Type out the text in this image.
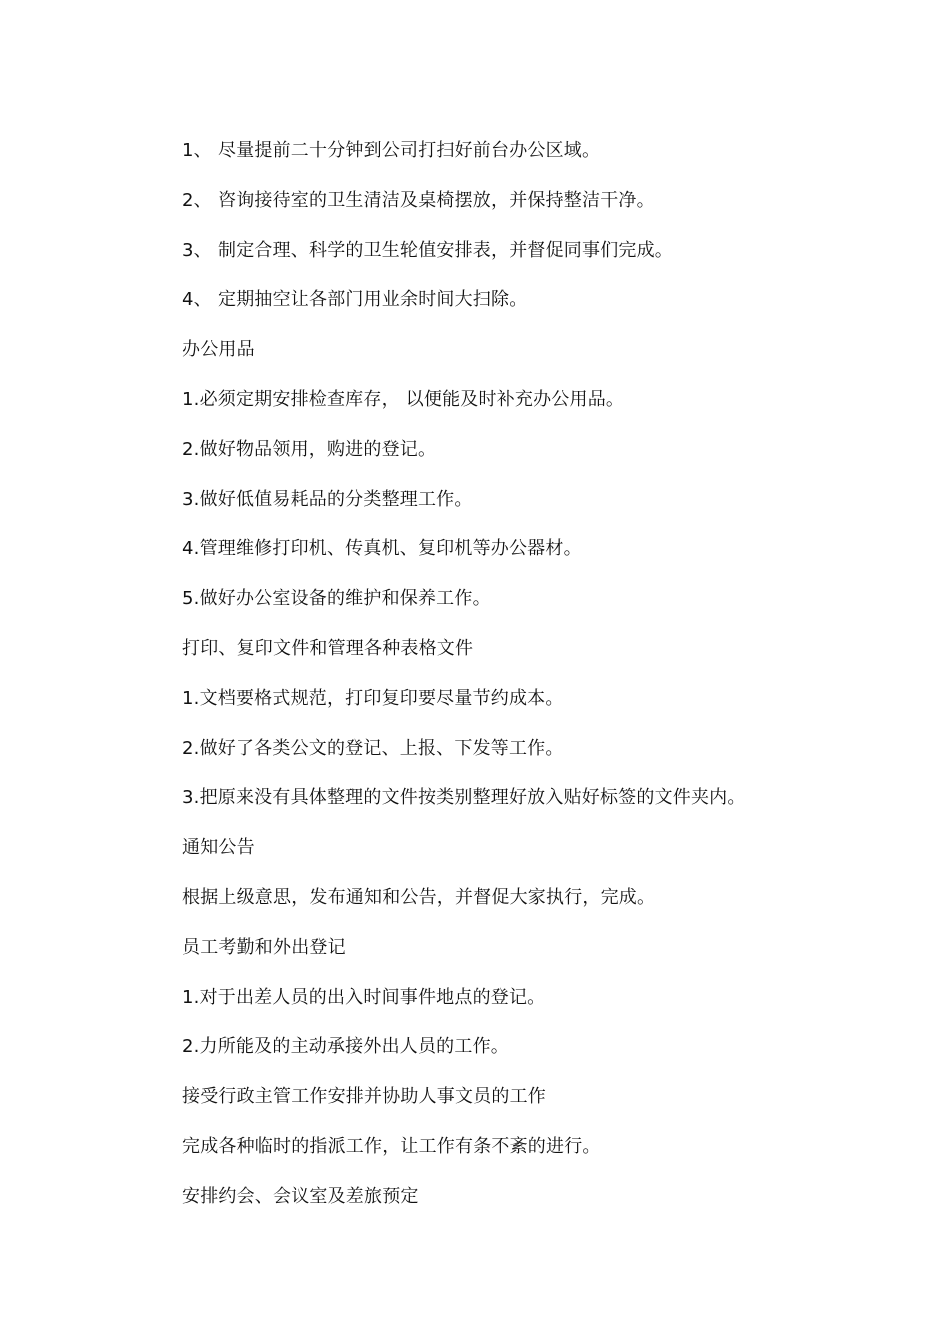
1、 尽量提前二十分钟到公司打扫好前台办公区域。
2、 咨询接待室的卫生清洁及桌椅摆放，并保持整洁干净。
3、 制定合理、科学的卫生轮值安排表，并督促同事们完成。
4、 定期抽空让各部门用业余时间大扫除。
办公用品
1.必须定期安排检查库存， 以便能及时补充办公用品。
2.做好物品领用，购进的登记。
3.做好低值易耗品的分类整理工作。
4.管理维修打印机、传真机、复印机等办公器材。
5.做好办公室设备的维护和保养工作。
打印、复印文件和管理各种表格文件
1.文档要格式规范，打印复印要尽量节约成本。
2.做好了各类公文的登记、上报、下发等工作。
3.把原来没有具体整理的文件按类别整理好放入贴好标签的文件夹内。
通知公告
根据上级意思，发布通知和公告，并督促大家执行，完成。
员工考勤和外出登记
1.对于出差人员的出入时间事件地点的登记。
2.力所能及的主动承接外出人员的工作。
接受行政主管工作安排并协助人事文员的工作
完成各种临时的指派工作，让工作有条不紊的进行。
安排约会、会议室及差旅预定
